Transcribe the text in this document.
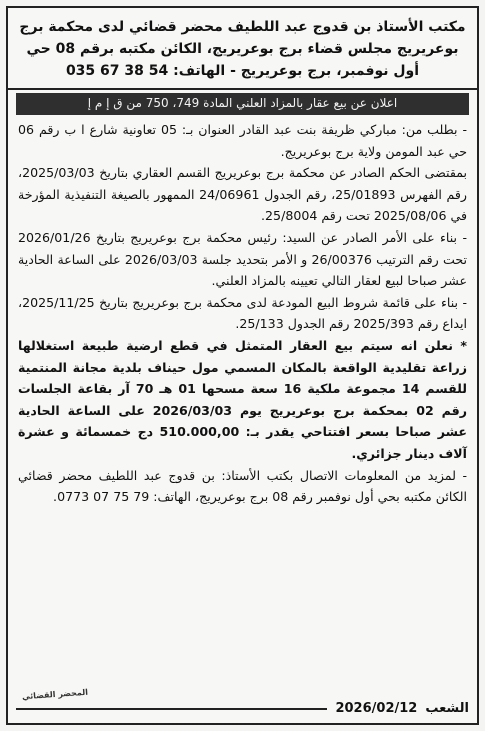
مكتب الأستاذ بن قدوج عبد اللطيف محضر قضائي لدى محكمة برج بوعريريج مجلس قضاء برج بوعريريج، الكائن مكتبه برقم 08 حي أول نوفمبر، برج بوعريريج - الهاتف: 54 38 67 035
اعلان عن بيع عقار بالمزاد العلني المادة 749، 750 من ق إ م إ

- بطلب من: مباركي ظريفة بنت عبد القادر العنوان بـ: 05 تعاونية شارع ا ب رقم 06 حي عبد المومن ولاية برج بوعريريج.

بمقتضى الحكم الصادر عن محكمة برج بوعريريج القسم العقاري بتاريخ 2025/03/03، رقم الفهرس 25/01893، رقم الجدول 24/06961 الممهور بالصيغة التنفيذية المؤرخة في 2025/08/06 تحت رقم 25/8004.

- بناء على الأمر الصادر عن السيد: رئيس محكمة برج بوعريريج بتاريخ 2026/01/26 تحت رقم الترتيب 26/00376 و الأمر بتحديد جلسة 2026/03/03 على الساعة الحادية عشر صباحا لبيع لعقار التالي تعيينه بالمزاد العلني.

- بناء على قائمة شروط البيع المودعة لدى محكمة برج بوعريريج بتاريخ 2025/11/25، ايداع رقم 2025/393 رقم الجدول 25/133.

* نعلن انه سيتم بيع العقار المتمثل في قطع ارضية طبيعة استغلالها زراعة تقليدية الواقعة بالمكان المسمي مول حيناف بلدية مجانة المنتمية للقسم 14 مجموعة ملكية 16 سعة مسحها 01 هـ 70 آر بقاعة الجلسات رقم 02 بمحكمة برج بوعريريج يوم 2026/03/03 على الساعة الحادية عشر صباحا بسعر افتتاحي يقدر بـ: 510.000,00 دج خمسمائة و عشرة آلاف دينار جزائري.

- لمزيد من المعلومات الاتصال بكتب الأستاذ: بن قدوج عبد اللطيف محضر قضائي الكائن مكتبه بحي أول نوفمبر رقم 08 برج بوعريريج، الهاتف: 79 75 07 0773.

المحضر القضائي
الشعب
2026/02/12
